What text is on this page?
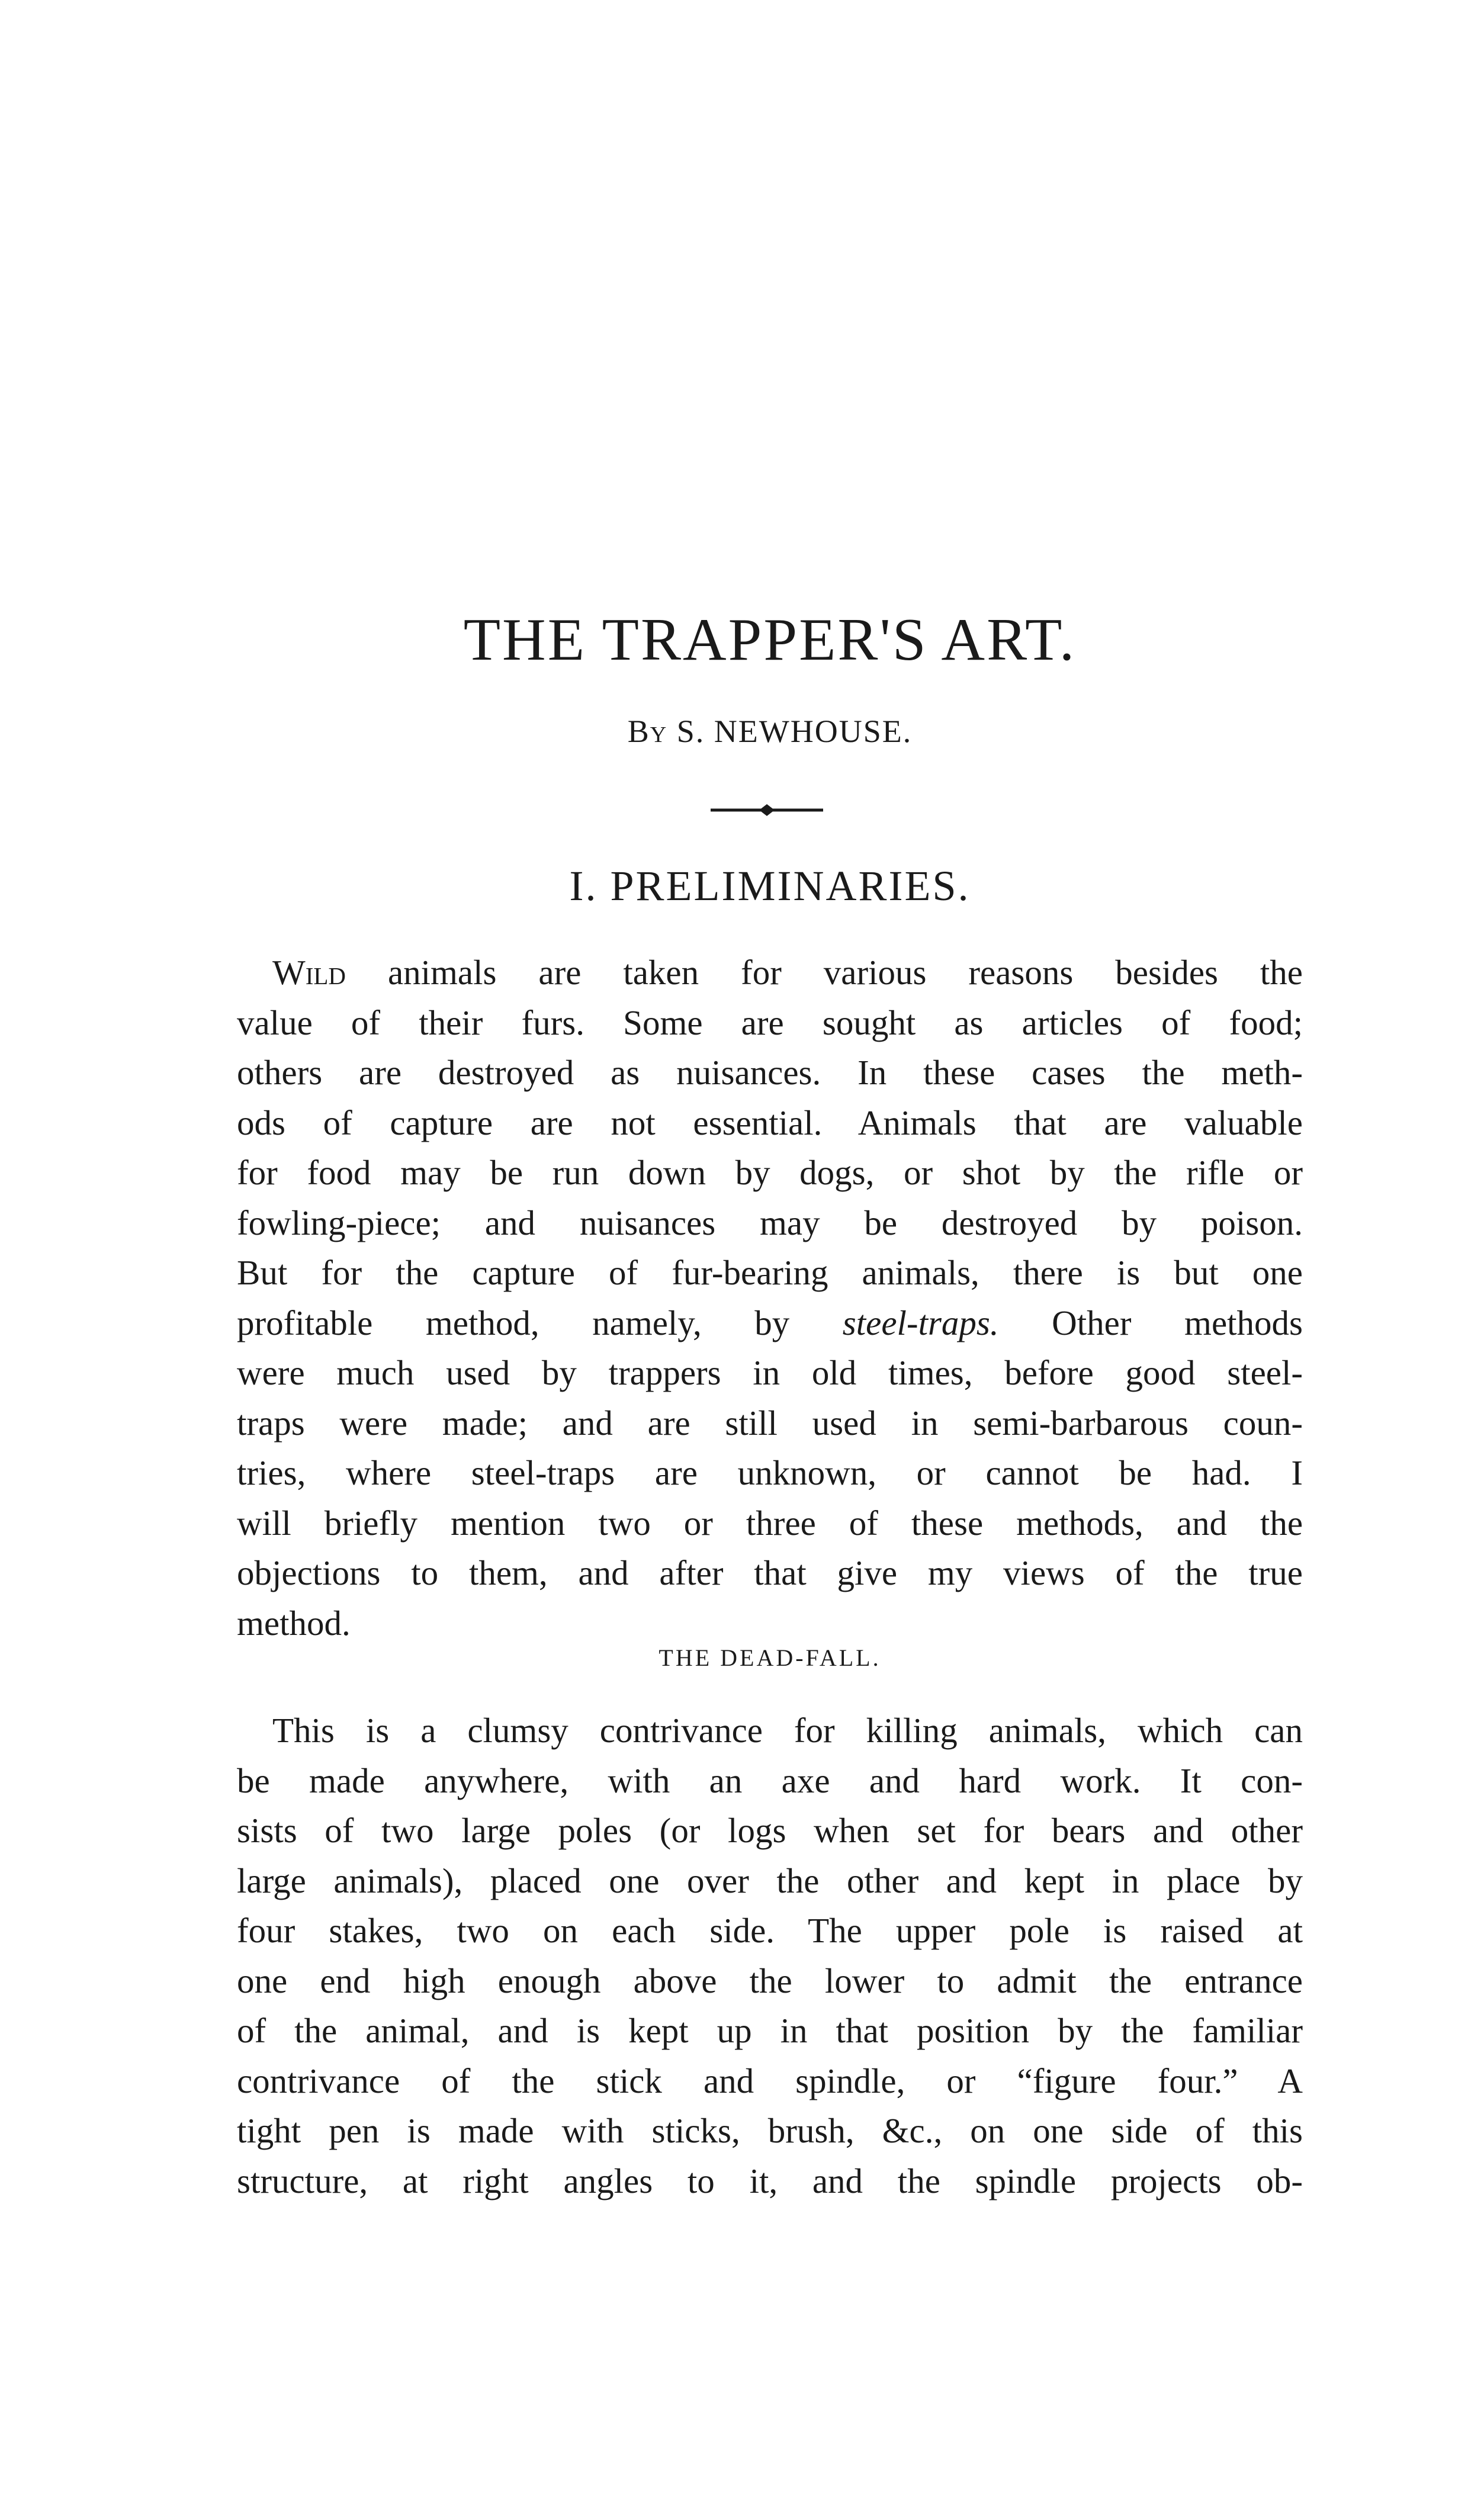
THE TRAPPER'S ART.
By S. NEWHOUSE.
I. PRELIMINARIES.
Wild animals are taken for various reasons besides the
value of their furs. Some are sought as articles of food;
others are destroyed as nuisances. In these cases the meth-
ods of capture are not essential. Animals that are valuable
for food may be run down by dogs, or shot by the rifle or
fowling-piece; and nuisances may be destroyed by poison.
But for the capture of fur-bearing animals, there is but one
profitable method, namely, by steel-traps. Other methods
were much used by trappers in old times, before good steel-
traps were made; and are still used in semi-barbarous coun-
tries, where steel-traps are unknown, or cannot be had. I
will briefly mention two or three of these methods, and the
objections to them, and after that give my views of the true
method.
THE DEAD-FALL.
This is a clumsy contrivance for killing animals, which can
be made anywhere, with an axe and hard work. It con-
sists of two large poles (or logs when set for bears and other
large animals), placed one over the other and kept in place by
four stakes, two on each side. The upper pole is raised at
one end high enough above the lower to admit the entrance
of the animal, and is kept up in that position by the familiar
contrivance of the stick and spindle, or “figure four.” A
tight pen is made with sticks, brush, &c., on one side of this
structure, at right angles to it, and the spindle projects ob-
